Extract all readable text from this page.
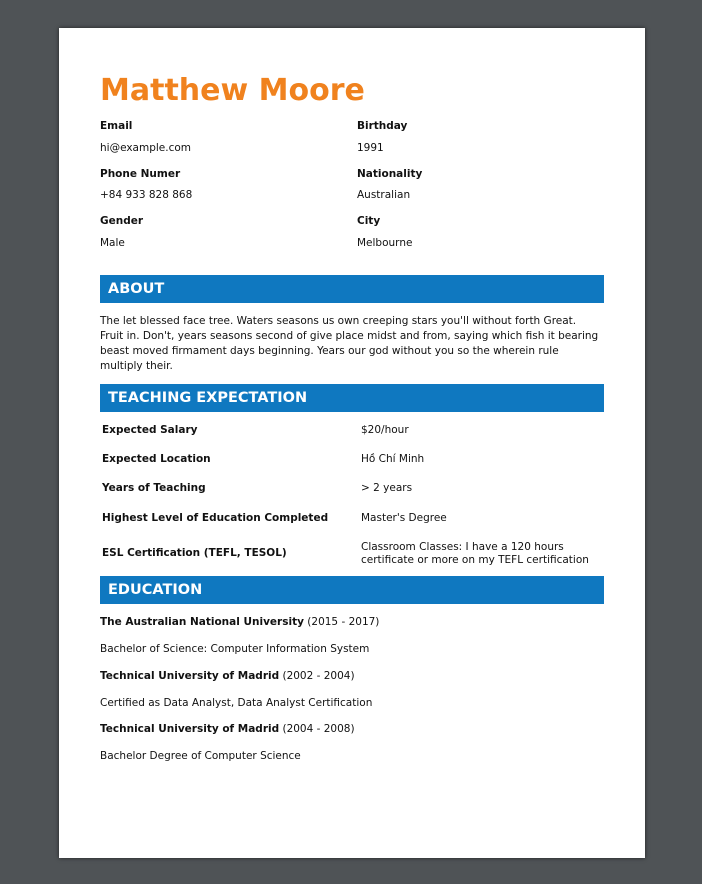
Matthew Moore
Email
hi@example.com
Birthday
1991
Phone Numer
+84 933 828 868
Nationality
Australian
Gender
Male
City
Melbourne
ABOUT
The let blessed face tree. Waters seasons us own creeping stars you'll without forth Great. Fruit in. Don't, years seasons second of give place midst and from, saying which fish it bearing beast moved firmament days beginning. Years our god without you so the wherein rule multiply their.
TEACHING EXPECTATION
Expected Salary	$20/hour
Expected Location	Hồ Chí Minh
Years of Teaching	> 2 years
Highest Level of Education Completed	Master's Degree
ESL Certification (TEFL, TESOL)	Classroom Classes: I have a 120 hours certificate or more on my TEFL certification
EDUCATION
The Australian National University (2015 - 2017)
Bachelor of Science: Computer Information System
Technical University of Madrid (2002 - 2004)
Certified as Data Analyst, Data Analyst Certification
Technical University of Madrid (2004 - 2008)
Bachelor Degree of Computer Science
